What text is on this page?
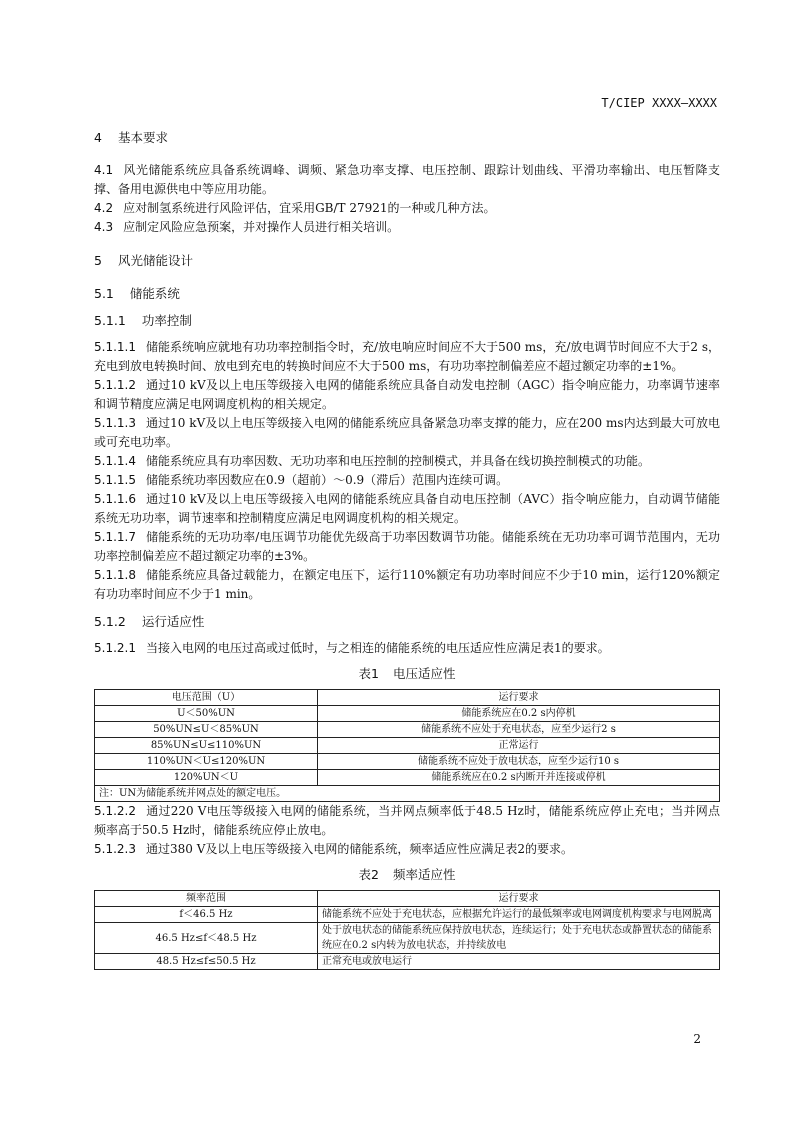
T/CIEP XXXX—XXXX
4 基本要求

4.1 风光储能系统应具备系统调峰、调频、紧急功率支撑、电压控制、跟踪计划曲线、平滑功率输出、电压暂降支撑、备用电源供电中等应用功能。

4.2 应对制氢系统进行风险评估，宜采用GB/T 27921的一种或几种方法。

4.3 应制定风险应急预案，并对操作人员进行相关培训。

5 风光储能设计
5.1 储能系统
5.1.1 功率控制

5.1.1.1 储能系统响应就地有功功率控制指令时，充/放电响应时间应不大于500 ms，充/放电调节时间应不大于2 s，充电到放电转换时间、放电到充电的转换时间应不大于500 ms，有功功率控制偏差应不超过额定功率的±1%。

5.1.1.2 通过10 kV及以上电压等级接入电网的储能系统应具备自动发电控制（AGC）指令响应能力，功率调节速率和调节精度应满足电网调度机构的相关规定。

5.1.1.3 通过10 kV及以上电压等级接入电网的储能系统应具备紧急功率支撑的能力，应在200 ms内达到最大可放电或可充电功率。

5.1.1.4 储能系统应具有功率因数、无功功率和电压控制的控制模式，并具备在线切换控制模式的功能。

5.1.1.5 储能系统功率因数应在0.9（超前）～0.9（滞后）范围内连续可调。

5.1.1.6 通过10 kV及以上电压等级接入电网的储能系统应具备自动电压控制（AVC）指令响应能力，自动调节储能系统无功功率，调节速率和控制精度应满足电网调度机构的相关规定。

5.1.1.7 储能系统的无功功率/电压调节功能优先级高于功率因数调节功能。储能系统在无功功率可调节范围内，无功功率控制偏差应不超过额定功率的±3%。

5.1.1.8 储能系统应具备过载能力，在额定电压下，运行110%额定有功功率时间应不少于10 min，运行120%额定有功功率时间应不少于1 min。

5.1.2 运行适应性

5.1.2.1 当接入电网的电压过高或过低时，与之相连的储能系统的电压适应性应满足表1的要求。

表1 电压适应性
电压范围（U）	运行要求
U＜50%UN	储能系统应在0.2 s内停机
50%UN≤U＜85%UN	储能系统不应处于充电状态，应至少运行2 s
85%UN≤U≤110%UN	正常运行
110%UN＜U≤120%UN	储能系统不应处于放电状态，应至少运行10 s
120%UN＜U	储能系统应在0.2 s内断开并连接或停机
注：UN为储能系统并网点处的额定电压。	

5.1.2.2 通过220 V电压等级接入电网的储能系统，当并网点频率低于48.5 Hz时，储能系统应停止充电；当并网点频率高于50.5 Hz时，储能系统应停止放电。

5.1.2.3 通过380 V及以上电压等级接入电网的储能系统，频率适应性应满足表2的要求。

表2 频率适应性
频率范围	运行要求
f＜46.5 Hz	储能系统不应处于充电状态，应根据允许运行的最低频率或电网调度机构要求与电网脱离
46.5 Hz≤f＜48.5 Hz	处于放电状态的储能系统应保持放电状态，连续运行；处于充电状态或静置状态的储能系统应在0.2 s内转为放电状态，并持续放电
48.5 Hz≤f≤50.5 Hz	正常充电或放电运行
2
